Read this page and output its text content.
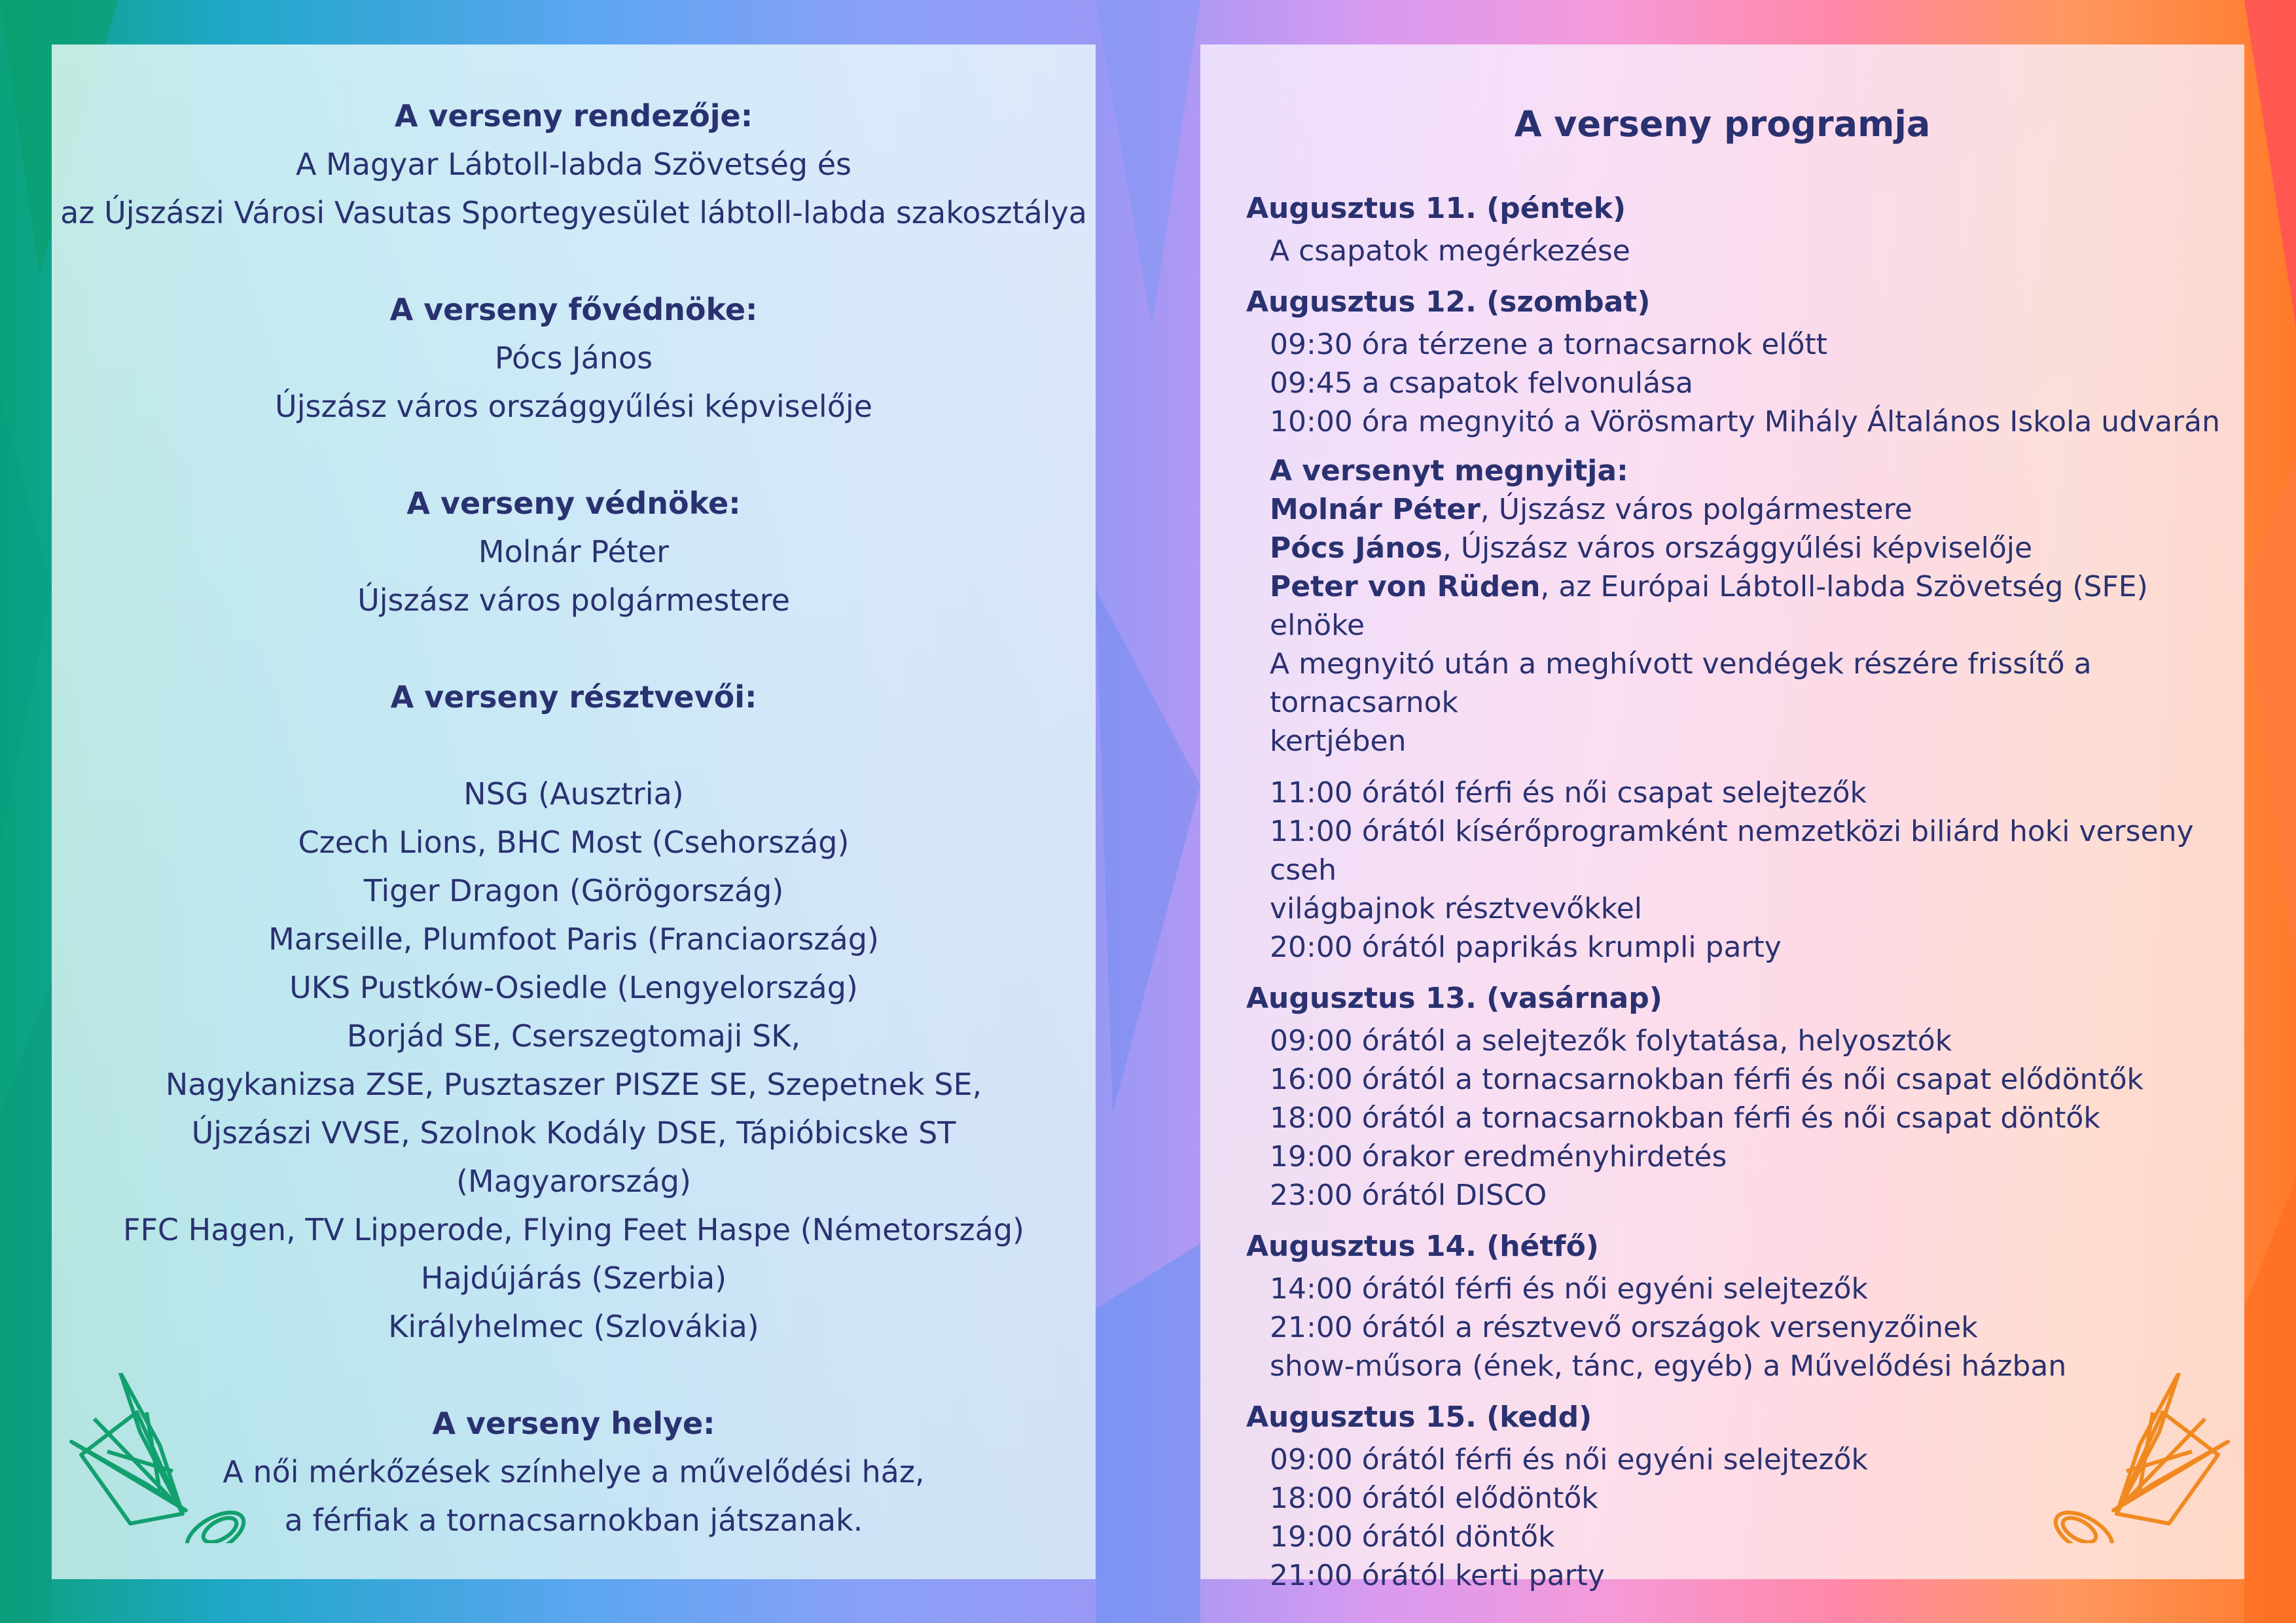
A verseny rendezője:
A Magyar Lábtoll-labda Szövetség és
az Újszászi Városi Vasutas Sportegyesület lábtoll-labda szakosztálya
A verseny fővédnöke:
Pócs János
Újszász város országgyűlési képviselője
A verseny védnöke:
Molnár Péter
Újszász város polgármestere
A verseny résztvevői:
NSG (Ausztria)
Czech Lions, BHC Most (Csehország)
Tiger Dragon (Görögország)
Marseille, Plumfoot Paris (Franciaország)
UKS Pustków-Osiedle (Lengyelország)
Borjád SE, Cserszegtomaji SK,
Nagykanizsa ZSE, Pusztaszer PISZE SE, Szepetnek SE,
Újszászi VVSE, Szolnok Kodály DSE, Tápióbicske ST
(Magyarország)
FFC Hagen, TV Lipperode, Flying Feet Haspe (Németország)
Hajdújárás (Szerbia)
Királyhelmec (Szlovákia)
A verseny helye:
A női mérkőzések színhelye a művelődési ház,
a férfiak a tornacsarnokban játszanak.
A verseny programja
Augusztus 11. (péntek)
A csapatok megérkezése
Augusztus 12. (szombat)
09:30 óra térzene a tornacsarnok előtt
09:45 a csapatok felvonulása
10:00 óra megnyitó a Vörösmarty Mihály Általános Iskola udvarán
A versenyt megnyitja:
Molnár Péter, Újszász város polgármestere
Pócs János, Újszász város országgyűlési képviselője
Peter von Rüden, az Európai Lábtoll-labda Szövetség (SFE) elnöke
A megnyitó után a meghívott vendégek részére frissítő a tornacsarnok
kertjében
11:00 órától férfi és női csapat selejtezők
11:00 órától kísérőprogramként nemzetközi biliárd hoki verseny cseh
világbajnok résztvevőkkel
20:00 órától paprikás krumpli party
Augusztus 13. (vasárnap)
09:00 órától a selejtezők folytatása, helyosztók
16:00 órától a tornacsarnokban férfi és női csapat elődöntők
18:00 órától a tornacsarnokban férfi és női csapat döntők
19:00 órakor eredményhirdetés
23:00 órától DISCO
Augusztus 14. (hétfő)
14:00 órától férfi és női egyéni selejtezők
21:00 órától a résztvevő országok versenyzőinek
show-műsora (ének, tánc, egyéb) a Művelődési házban
Augusztus 15. (kedd)
09:00 órától férfi és női egyéni selejtezők
18:00 órától elődöntők
19:00 órától döntők
21:00 órától kerti party
